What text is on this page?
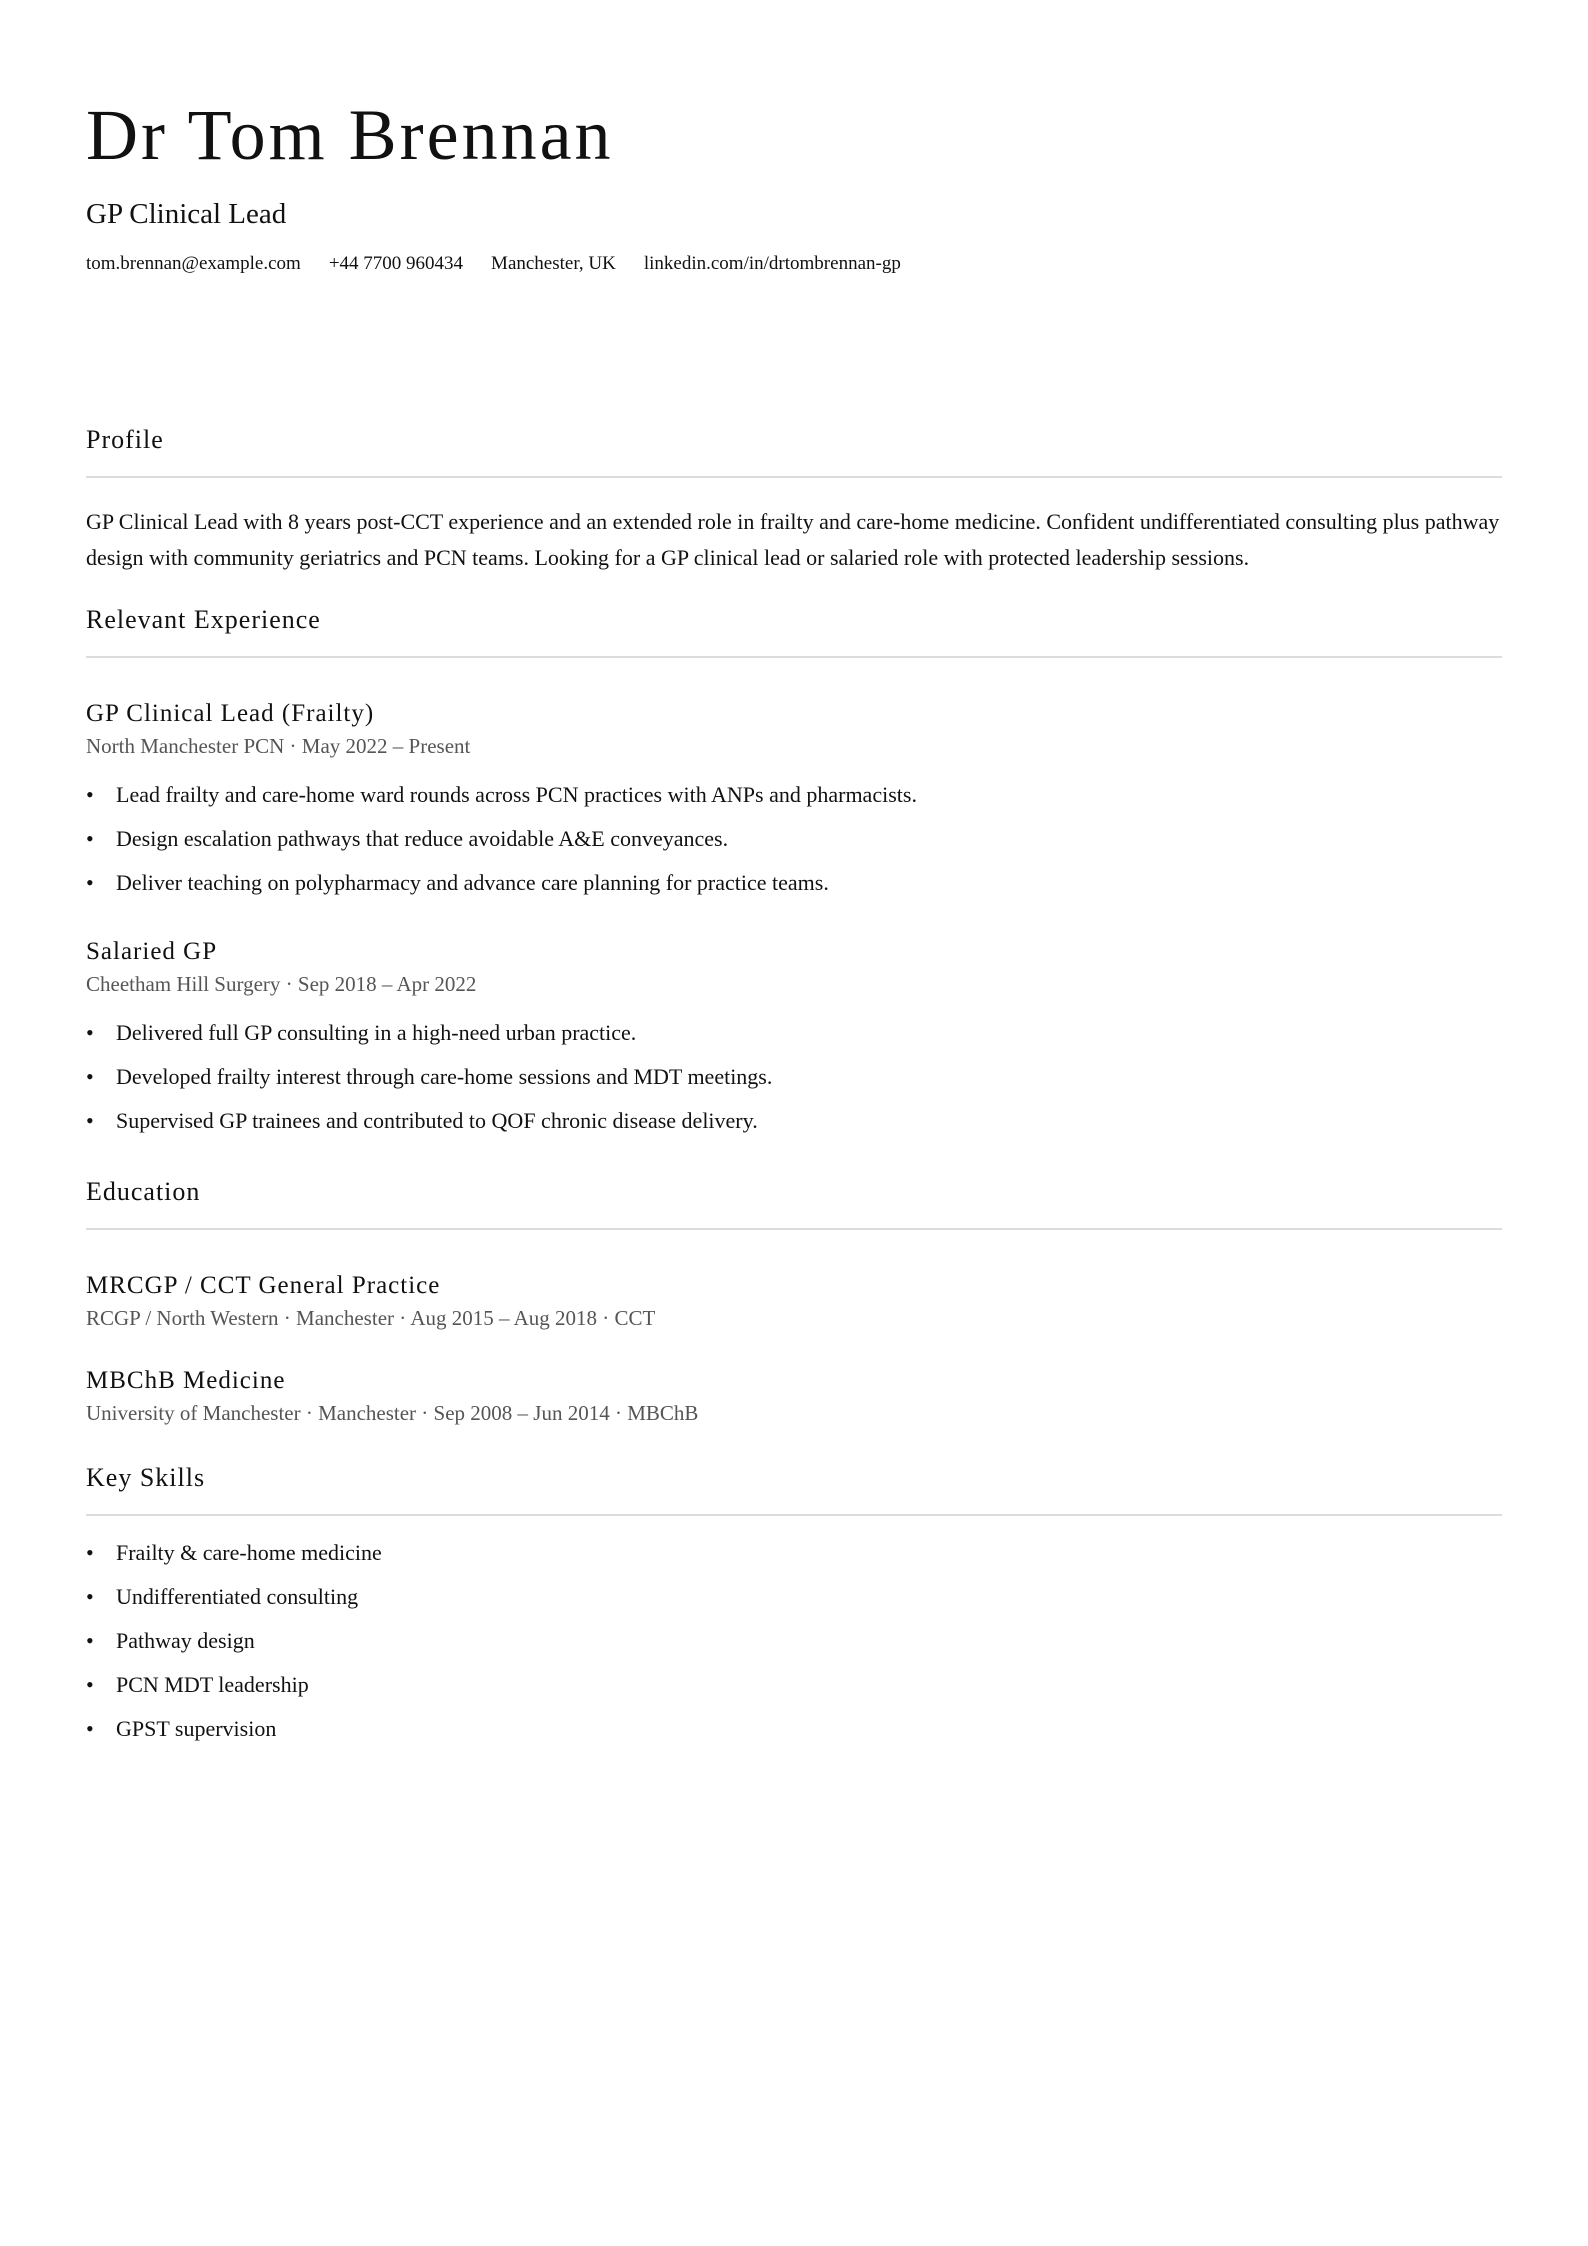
Dr Tom Brennan
GP Clinical Lead
tom.brennan@example.com +44 7700 960434 Manchester, UK linkedin.com/in/drtombrennan-gp
Profile
GP Clinical Lead with 8 years post-CCT experience and an extended role in frailty and care-home medicine. Confident undifferentiated consulting plus pathway design with community geriatrics and PCN teams. Looking for a GP clinical lead or salaried role with protected leadership sessions.
Relevant Experience
GP Clinical Lead (Frailty)
North Manchester PCN · May 2022 – Present
• Lead frailty and care-home ward rounds across PCN practices with ANPs and pharmacists.
• Design escalation pathways that reduce avoidable A&E conveyances.
• Deliver teaching on polypharmacy and advance care planning for practice teams.
Salaried GP
Cheetham Hill Surgery · Sep 2018 – Apr 2022
• Delivered full GP consulting in a high-need urban practice.
• Developed frailty interest through care-home sessions and MDT meetings.
• Supervised GP trainees and contributed to QOF chronic disease delivery.
Education
MRCGP / CCT General Practice
RCGP / North Western · Manchester · Aug 2015 – Aug 2018 · CCT
MBChB Medicine
University of Manchester · Manchester · Sep 2008 – Jun 2014 · MBChB
Key Skills
• Frailty & care-home medicine
• Undifferentiated consulting
• Pathway design
• PCN MDT leadership
• GPST supervision
